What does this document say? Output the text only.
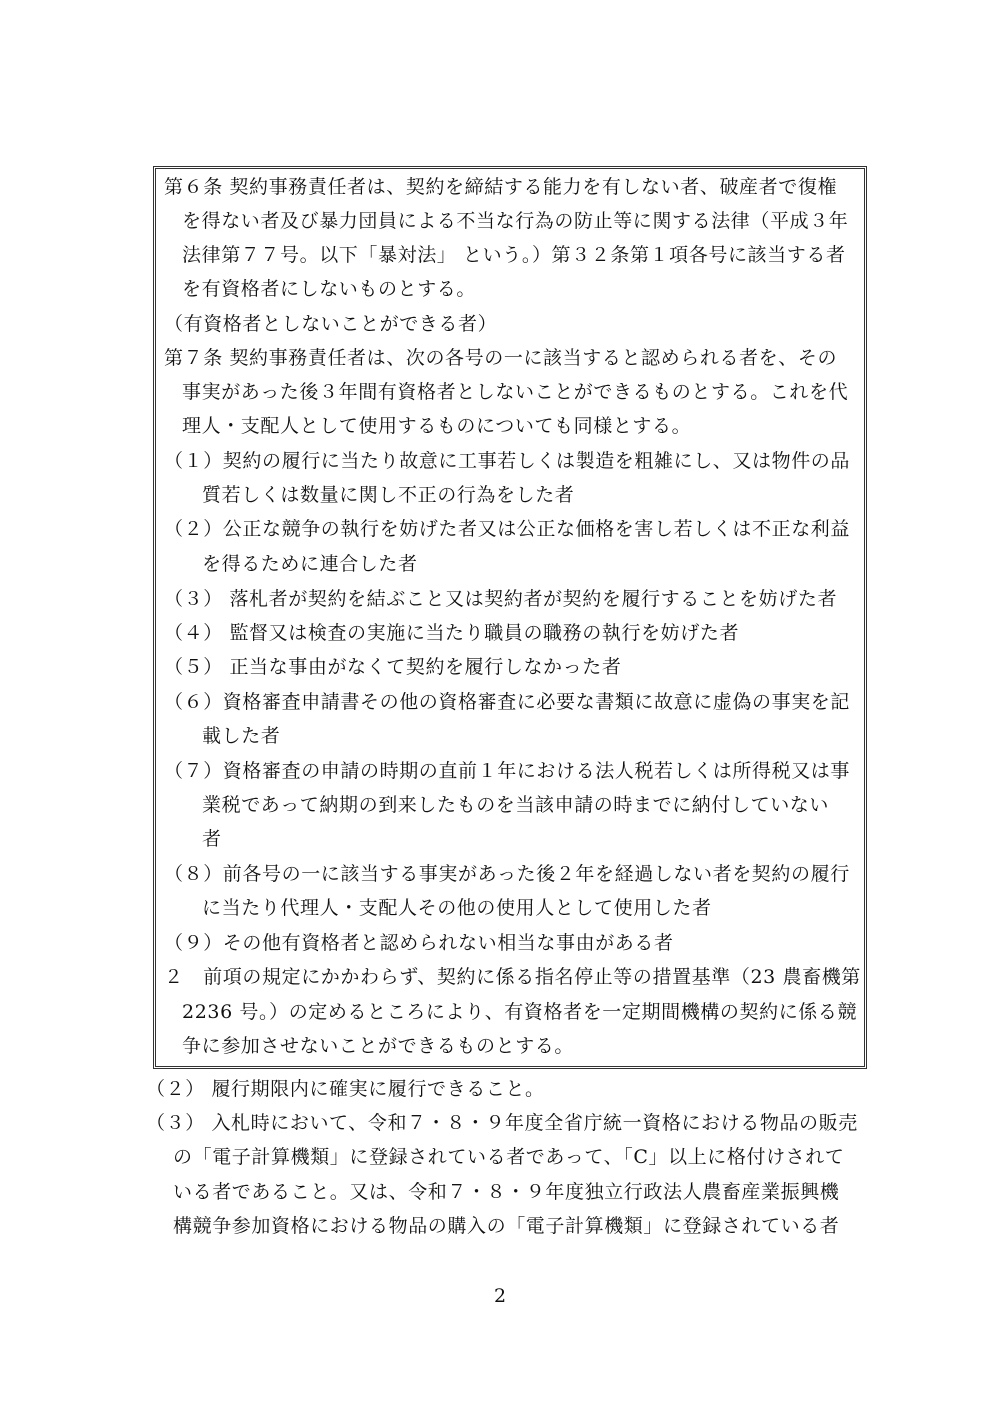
第６条 契約事務責任者は、契約を締結する能力を有しない者、破産者で復権
を得ない者及び暴力団員による不当な行為の防止等に関する法律（平成３年
法律第７７号。以下「暴対法」 という。）第３２条第１項各号に該当する者
を有資格者にしないものとする。
（有資格者としないことができる者）
第７条 契約事務責任者は、次の各号の一に該当すると認められる者を、その
事実があった後３年間有資格者としないことができるものとする。これを代
理人・支配人として使用するものについても同様とする。
（１）契約の履行に当たり故意に工事若しくは製造を粗雑にし、又は物件の品
質若しくは数量に関し不正の行為をした者
（２）公正な競争の執行を妨げた者又は公正な価格を害し若しくは不正な利益
を得るために連合した者
（３） 落札者が契約を結ぶこと又は契約者が契約を履行することを妨げた者
（４） 監督又は検査の実施に当たり職員の職務の執行を妨げた者
（５） 正当な事由がなくて契約を履行しなかった者
（６）資格審査申請書その他の資格審査に必要な書類に故意に虚偽の事実を記
載した者
（７）資格審査の申請の時期の直前１年における法人税若しくは所得税又は事
業税であって納期の到来したものを当該申請の時までに納付していない
者
（８）前各号の一に該当する事実があった後２年を経過しない者を契約の履行
に当たり代理人・支配人その他の使用人として使用した者
（９）その他有資格者と認められない相当な事由がある者
２　前項の規定にかかわらず、契約に係る指名停止等の措置基準（23 農畜機第
2236 号。）の定めるところにより、有資格者を一定期間機構の契約に係る競
争に参加させないことができるものとする。
（２） 履行期限内に確実に履行できること。
（３） 入札時において、令和７・８・９年度全省庁統一資格における物品の販売
の「電子計算機類」に登録されている者であって、「C」以上に格付けされて
いる者であること。又は、令和７・８・９年度独立行政法人農畜産業振興機
構競争参加資格における物品の購入の「電子計算機類」に登録されている者
2
